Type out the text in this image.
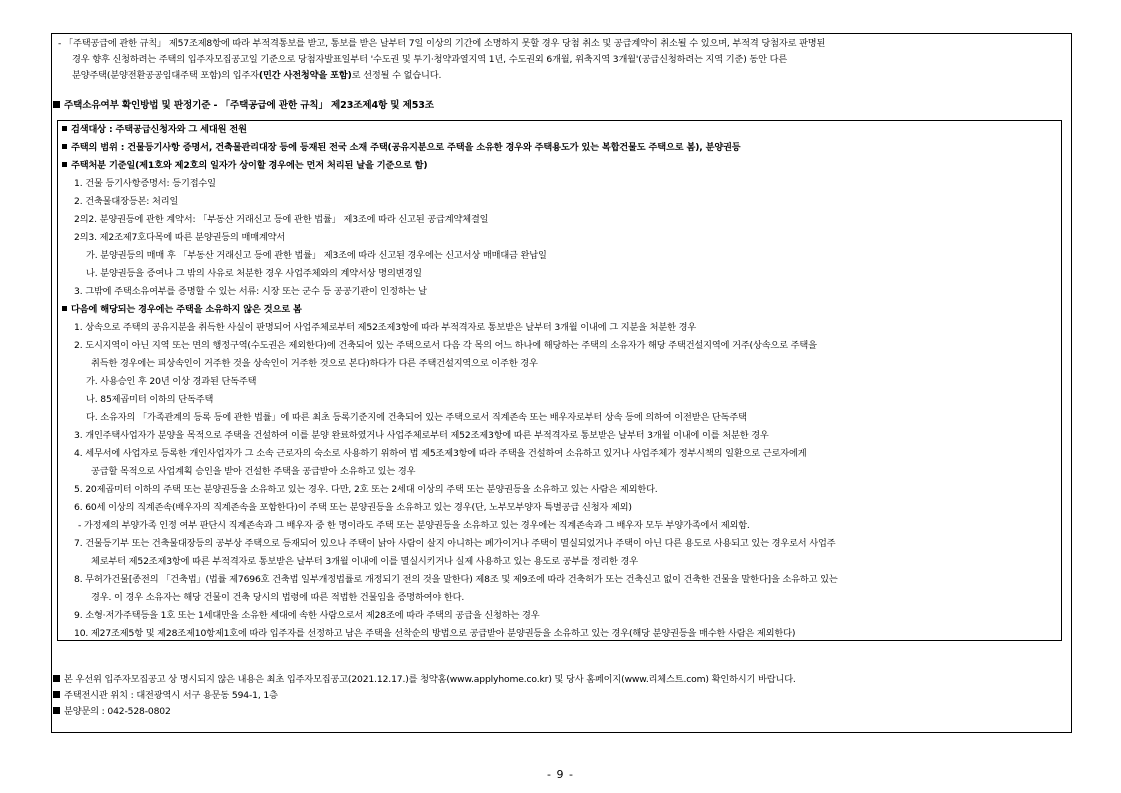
- 「주택공급에 관한 규칙」 제57조제8항에 따라 부적격통보를 받고, 통보를 받은 날부터 7일 이상의 기간에 소명하지 못할 경우 당첨 취소 및 공급계약이 취소될 수 있으며, 부적격 당첨자로 판명된
경우 향후 신청하려는 주택의 입주자모집공고일 기준으로 당첨자발표일부터 '수도권 및 투기·청약과열지역 1년, 수도권외 6개월, 위축지역 3개월'(공급신청하려는 지역 기준) 동안 다른
분양주택(분양전환공공임대주택 포함)의 입주자(민간 사전청약을 포함)로 선정될 수 없습니다.
주택소유여부 확인방법 및 판정기준 - 「주택공급에 관한 규칙」 제23조제4항 및 제53조
검색대상 : 주택공급신청자와 그 세대원 전원
주택의 범위 : 건물등기사항 증명서, 건축물관리대장 등에 등재된 전국 소재 주택(공유지분으로 주택을 소유한 경우와 주택용도가 있는 복합건물도 주택으로 봄), 분양권등
주택처분 기준일(제1호와 제2호의 일자가 상이할 경우에는 먼저 처리된 날을 기준으로 함)
1. 건물 등기사항증명서: 등기접수일
2. 건축물대장등본: 처리일
2의2. 분양권등에 관한 계약서: 「부동산 거래신고 등에 관한 법률」 제3조에 따라 신고된 공급계약체결일
2의3. 제2조제7호다목에 따른 분양권등의 매매계약서
가. 분양권등의 매매 후 「부동산 거래신고 등에 관한 법률」 제3조에 따라 신고된 경우에는 신고서상 매매대금 완납일
나. 분양권등을 증여나 그 밖의 사유로 처분한 경우 사업주체와의 계약서상 명의변경일
3. 그밖에 주택소유여부를 증명할 수 있는 서류: 시장 또는 군수 등 공공기관이 인정하는 날
다음에 해당되는 경우에는 주택을 소유하지 않은 것으로 봄
1. 상속으로 주택의 공유지분을 취득한 사실이 판명되어 사업주체로부터 제52조제3항에 따라 부적격자로 통보받은 날부터 3개월 이내에 그 지분을 처분한 경우
2. 도시지역이 아닌 지역 또는 면의 행정구역(수도권은 제외한다)에 건축되어 있는 주택으로서 다음 각 목의 어느 하나에 해당하는 주택의 소유자가 해당 주택건설지역에 거주(상속으로 주택을
취득한 경우에는 피상속인이 거주한 것을 상속인이 거주한 것으로 본다)하다가 다른 주택건설지역으로 이주한 경우
가. 사용승인 후 20년 이상 경과된 단독주택
나. 85제곱미터 이하의 단독주택
다. 소유자의 「가족관계의 등록 등에 관한 법률」에 따른 최초 등록기준지에 건축되어 있는 주택으로서 직계존속 또는 배우자로부터 상속 등에 의하여 이전받은 단독주택
3. 개인주택사업자가 분양을 목적으로 주택을 건설하여 이를 분양 완료하였거나 사업주체로부터 제52조제3항에 따른 부적격자로 통보받은 날부터 3개월 이내에 이를 처분한 경우
4. 세무서에 사업자로 등록한 개인사업자가 그 소속 근로자의 숙소로 사용하기 위하여 법 제5조제3항에 따라 주택을 건설하여 소유하고 있거나 사업주체가 정부시책의 일환으로 근로자에게
공급할 목적으로 사업계획 승인을 받아 건설한 주택을 공급받아 소유하고 있는 경우
5. 20제곱미터 이하의 주택 또는 분양권등을 소유하고 있는 경우. 다만, 2호 또는 2세대 이상의 주택 또는 분양권등을 소유하고 있는 사람은 제외한다.
6. 60세 이상의 직계존속(배우자의 직계존속을 포함한다)이 주택 또는 분양권등을 소유하고 있는 경우(단, 노부모부양자 특별공급 신청자 제외)
- 가정제의 부양가족 인정 여부 판단시 직계존속과 그 배우자 중 한 명이라도 주택 또는 분양권등을 소유하고 있는 경우에는 직계존속과 그 배우자 모두 부양가족에서 제외함.
7. 건물등기부 또는 건축물대장등의 공부상 주택으로 등재되어 있으나 주택이 낡아 사람이 살지 아니하는 폐가이거나 주택이 멸실되었거나 주택이 아닌 다른 용도로 사용되고 있는 경우로서 사업주
체로부터 제52조제3항에 따른 부적격자로 통보받은 날부터 3개월 이내에 이를 멸실시키거나 실제 사용하고 있는 용도로 공부를 정리한 경우
8. 무허가건물[종전의 「건축법」(법률 제7696호 건축법 일부개정법률로 개정되기 전의 것을 말한다) 제8조 및 제9조에 따라 건축허가 또는 건축신고 없이 건축한 건물을 말한다]을 소유하고 있는
경우. 이 경우 소유자는 해당 건물이 건축 당시의 법령에 따른 적법한 건물임을 증명하여야 한다.
9. 소형·저가주택등을 1호 또는 1세대만을 소유한 세대에 속한 사람으로서 제28조에 따라 주택의 공급을 신청하는 경우
10. 제27조제5항 및 제28조제10항제1호에 따라 입주자를 선정하고 남은 주택을 선착순의 방법으로 공급받아 분양권등을 소유하고 있는 경우(해당 분양권등을 매수한 사람은 제외한다)
본 우선위 입주자모집공고 상 명시되지 않은 내용은 최초 입주자모집공고(2021.12.17.)를 청약홈(www.applyhome.co.kr) 및 당사 홈페이지(www.리체스트.com) 확인하시기 바랍니다.
주택전시관 위치 : 대전광역시 서구 용문동 594-1, 1층
분양문의 : 042-528-0802
- 9 -
